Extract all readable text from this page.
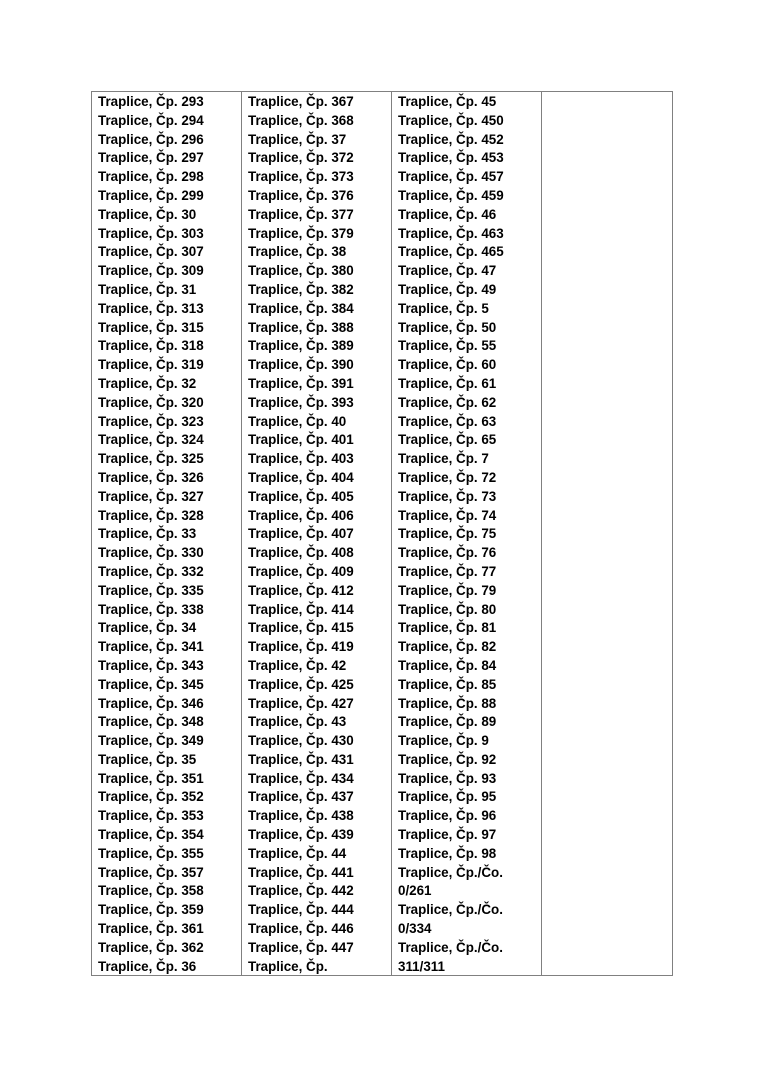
Traplice, Čp. 293
Traplice, Čp. 294
Traplice, Čp. 296
Traplice, Čp. 297
Traplice, Čp. 298
Traplice, Čp. 299
Traplice, Čp. 30
Traplice, Čp. 303
Traplice, Čp. 307
Traplice, Čp. 309
Traplice, Čp. 31
Traplice, Čp. 313
Traplice, Čp. 315
Traplice, Čp. 318
Traplice, Čp. 319
Traplice, Čp. 32
Traplice, Čp. 320
Traplice, Čp. 323
Traplice, Čp. 324
Traplice, Čp. 325
Traplice, Čp. 326
Traplice, Čp. 327
Traplice, Čp. 328
Traplice, Čp. 33
Traplice, Čp. 330
Traplice, Čp. 332
Traplice, Čp. 335
Traplice, Čp. 338
Traplice, Čp. 34
Traplice, Čp. 341
Traplice, Čp. 343
Traplice, Čp. 345
Traplice, Čp. 346
Traplice, Čp. 348
Traplice, Čp. 349
Traplice, Čp. 35
Traplice, Čp. 351
Traplice, Čp. 352
Traplice, Čp. 353
Traplice, Čp. 354
Traplice, Čp. 355
Traplice, Čp. 357
Traplice, Čp. 358
Traplice, Čp. 359
Traplice, Čp. 361
Traplice, Čp. 362
Traplice, Čp. 36
Traplice, Čp. 367
Traplice, Čp. 368
Traplice, Čp. 37
Traplice, Čp. 372
Traplice, Čp. 373
Traplice, Čp. 376
Traplice, Čp. 377
Traplice, Čp. 379
Traplice, Čp. 38
Traplice, Čp. 380
Traplice, Čp. 382
Traplice, Čp. 384
Traplice, Čp. 388
Traplice, Čp. 389
Traplice, Čp. 390
Traplice, Čp. 391
Traplice, Čp. 393
Traplice, Čp. 40
Traplice, Čp. 401
Traplice, Čp. 403
Traplice, Čp. 404
Traplice, Čp. 405
Traplice, Čp. 406
Traplice, Čp. 407
Traplice, Čp. 408
Traplice, Čp. 409
Traplice, Čp. 412
Traplice, Čp. 414
Traplice, Čp. 415
Traplice, Čp. 419
Traplice, Čp. 42
Traplice, Čp. 425
Traplice, Čp. 427
Traplice, Čp. 43
Traplice, Čp. 430
Traplice, Čp. 431
Traplice, Čp. 434
Traplice, Čp. 437
Traplice, Čp. 438
Traplice, Čp. 439
Traplice, Čp. 44
Traplice, Čp. 441
Traplice, Čp. 442
Traplice, Čp. 444
Traplice, Čp. 446
Traplice, Čp. 447
Traplice, Čp.
Traplice, Čp. 45
Traplice, Čp. 450
Traplice, Čp. 452
Traplice, Čp. 453
Traplice, Čp. 457
Traplice, Čp. 459
Traplice, Čp. 46
Traplice, Čp. 463
Traplice, Čp. 465
Traplice, Čp. 47
Traplice, Čp. 49
Traplice, Čp. 5
Traplice, Čp. 50
Traplice, Čp. 55
Traplice, Čp. 60
Traplice, Čp. 61
Traplice, Čp. 62
Traplice, Čp. 63
Traplice, Čp. 65
Traplice, Čp. 7
Traplice, Čp. 72
Traplice, Čp. 73
Traplice, Čp. 74
Traplice, Čp. 75
Traplice, Čp. 76
Traplice, Čp. 77
Traplice, Čp. 79
Traplice, Čp. 80
Traplice, Čp. 81
Traplice, Čp. 82
Traplice, Čp. 84
Traplice, Čp. 85
Traplice, Čp. 88
Traplice, Čp. 89
Traplice, Čp. 9
Traplice, Čp. 92
Traplice, Čp. 93
Traplice, Čp. 95
Traplice, Čp. 96
Traplice, Čp. 97
Traplice, Čp. 98
Traplice, Čp./Čo.
0/261
Traplice, Čp./Čo.
0/334
Traplice, Čp./Čo.
311/311
